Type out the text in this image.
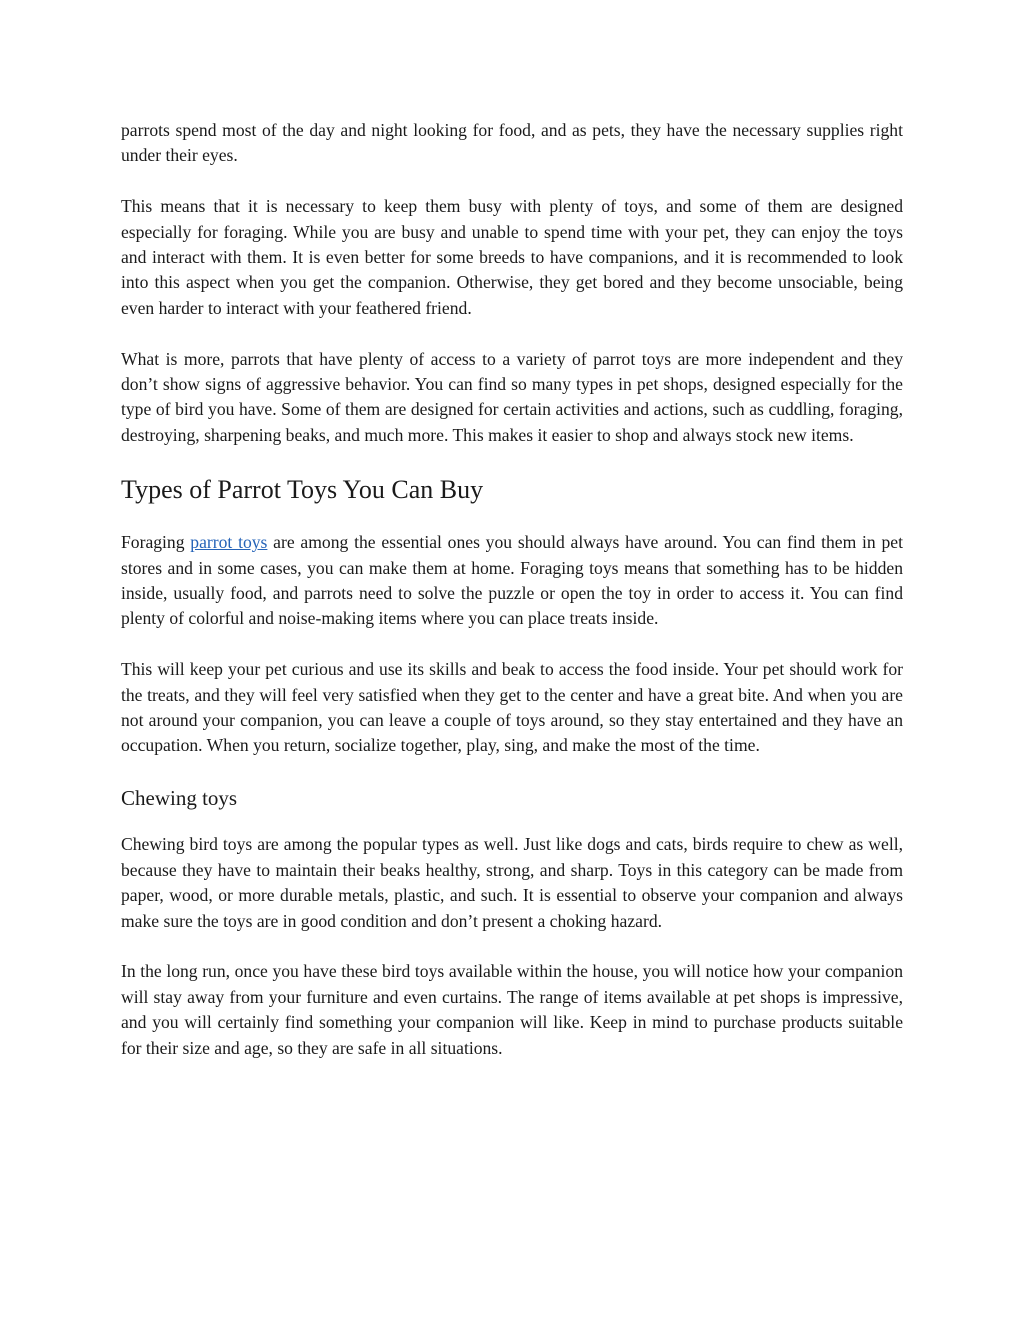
parrots spend most of the day and night looking for food, and as pets, they have the necessary supplies right under their eyes.

This means that it is necessary to keep them busy with plenty of toys, and some of them are designed especially for foraging. While you are busy and unable to spend time with your pet, they can enjoy the toys and interact with them. It is even better for some breeds to have companions, and it is recommended to look into this aspect when you get the companion. Otherwise, they get bored and they become unsociable, being even harder to interact with your feathered friend.

What is more, parrots that have plenty of access to a variety of parrot toys are more independent and they don’t show signs of aggressive behavior. You can find so many types in pet shops, designed especially for the type of bird you have. Some of them are designed for certain activities and actions, such as cuddling, foraging, destroying, sharpening beaks, and much more. This makes it easier to shop and always stock new items.

Types of Parrot Toys You Can Buy

Foraging parrot toys are among the essential ones you should always have around. You can find them in pet stores and in some cases, you can make them at home. Foraging toys means that something has to be hidden inside, usually food, and parrots need to solve the puzzle or open the toy in order to access it. You can find plenty of colorful and noise-making items where you can place treats inside.

This will keep your pet curious and use its skills and beak to access the food inside. Your pet should work for the treats, and they will feel very satisfied when they get to the center and have a great bite. And when you are not around your companion, you can leave a couple of toys around, so they stay entertained and they have an occupation. When you return, socialize together, play, sing, and make the most of the time.

Chewing toys

Chewing bird toys are among the popular types as well. Just like dogs and cats, birds require to chew as well, because they have to maintain their beaks healthy, strong, and sharp. Toys in this category can be made from paper, wood, or more durable metals, plastic, and such. It is essential to observe your companion and always make sure the toys are in good condition and don’t present a choking hazard.

In the long run, once you have these bird toys available within the house, you will notice how your companion will stay away from your furniture and even curtains. The range of items available at pet shops is impressive, and you will certainly find something your companion will like. Keep in mind to purchase products suitable for their size and age, so they are safe in all situations.
